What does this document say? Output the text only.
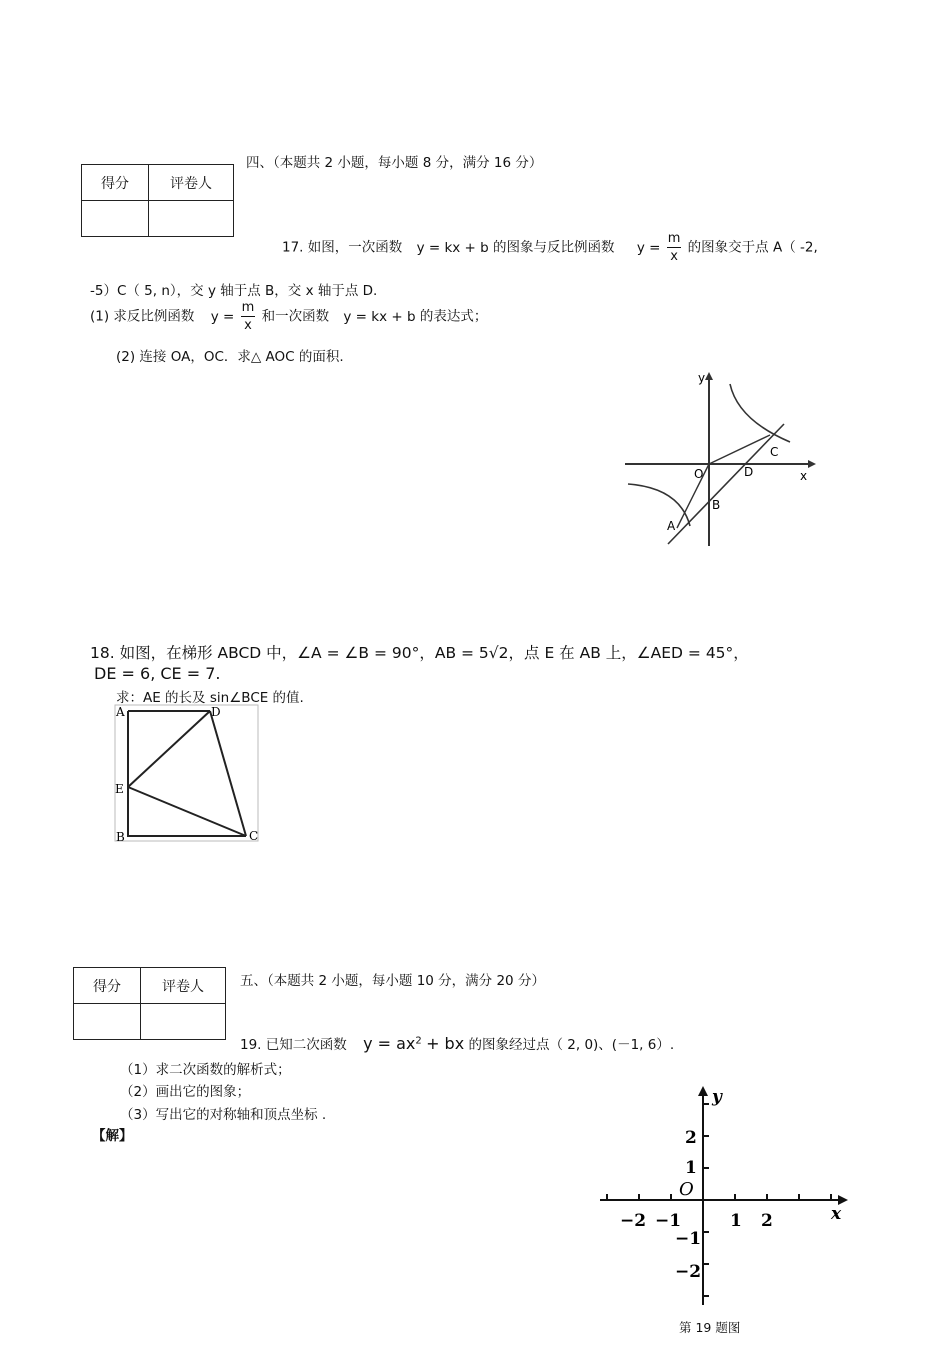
得分	评卷人

四、（本题共 2 小题，每小题 8 分，满分 16 分）
17. 如图，一次函数 y = kx + b 的图象与反比例函数 $y = \frac{m}{x}$ 的图象交于点 A（ -2,
-5）C（ 5, n），交 y 轴于点 B，交 x 轴于点 D.
(1) 求反比例函数 $y = \frac{m}{x}$ 和一次函数 y = kx + b 的表达式；
(2) 连接 OA，OC．求△ AOC 的面积.
y
x
O	D
C
B
A
18. 如图，在梯形 ABCD 中，∠A = ∠B = 90°，AB = 5√2，点 E 在 AB 上，∠AED = 45°，
DE = 6, CE = 7.
求：AE 的长及 sin∠BCE 的值.
A	D
E
B	C
得分	评卷人
		五、（本题共 2 小题，每小题 10 分，满分 20 分）
19. 已知二次函数 $y = ax^2$ + bx 的图象经过点（ 2, 0)、(－1, 6）.
（1）求二次函数的解析式；
（2）画出它的图象；
（3）写出它的对称轴和顶点坐标 .
【解】
y
x
O
−2 −1	1 2
2
1
−1
−2
第 19 题图
